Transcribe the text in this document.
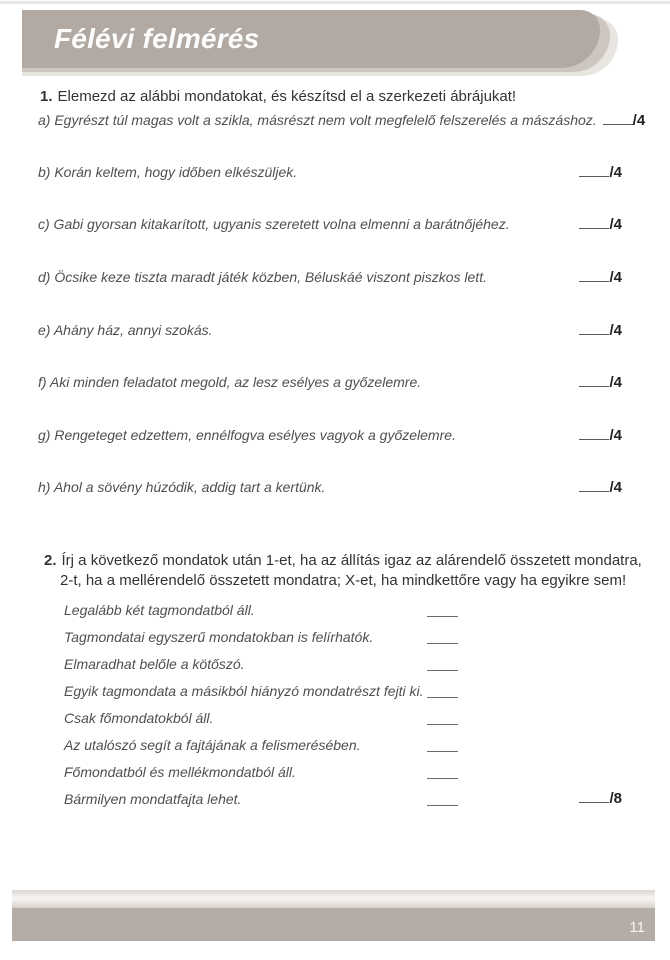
Félévi felmérés
1. Elemezd az alábbi mondatokat, és készítsd el a szerkezeti ábrájukat!
a) Egyrészt túl magas volt a szikla, másrészt nem volt megfelelő felszerelés a mászáshoz. /4
b) Korán keltem, hogy időben elkészüljek.	/4
c) Gabi gyorsan kitakarított, ugyanis szeretett volna elmenni a barátnőjéhez.	/4
d) Öcsike keze tiszta maradt játék közben, Béluskáé viszont piszkos lett.	/4
e) Ahány ház, annyi szokás.	/4
f) Aki minden feladatot megold, az lesz esélyes a győzelemre.	/4
g) Rengeteget edzettem, ennélfogva esélyes vagyok a győzelemre.	/4
h) Ahol a sövény húzódik, addig tart a kertünk.	/4
2. Írj a következő mondatok után 1-et, ha az állítás igaz az alárendelő összetett mondatra,
2-t, ha a mellérendelő összetett mondatra; X-et, ha mindkettőre vagy ha egyikre sem!
Legalább két tagmondatból áll.
Tagmondatai egyszerű mondatokban is felírhatók.
Elmaradhat belőle a kötőszó.
Egyik tagmondata a másikból hiányzó mondatrészt fejti ki.
Csak főmondatokból áll.
Az utalószó segít a fajtájának a felismerésében.
Főmondatból és mellékmondatból áll.
Bármilyen mondatfajta lehet.	/8
11
